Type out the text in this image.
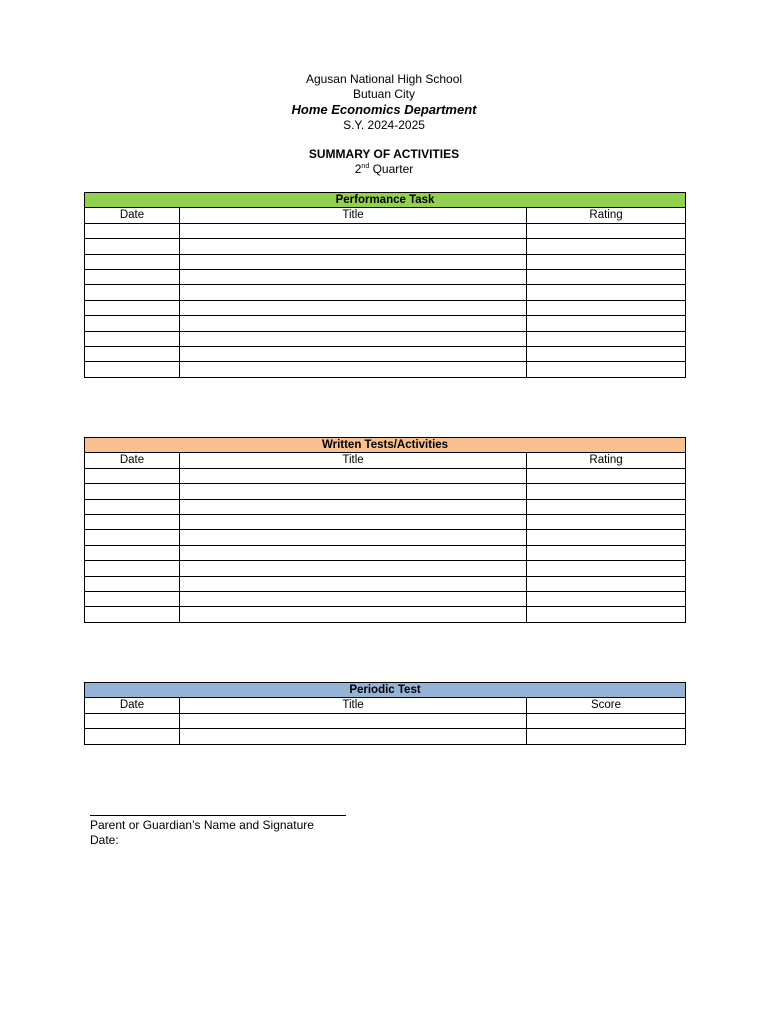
Agusan National High School
Butuan City
Home Economics Department
S.Y. 2024-2025
SUMMARY OF ACTIVITIES
2nd Quarter
Performance Task		
Date	Title	Rating

Written Tests/Activities		
Date	Title	Rating

Periodic Test		
Date	Title	Score

Parent or Guardian’s Name and Signature
Date:
